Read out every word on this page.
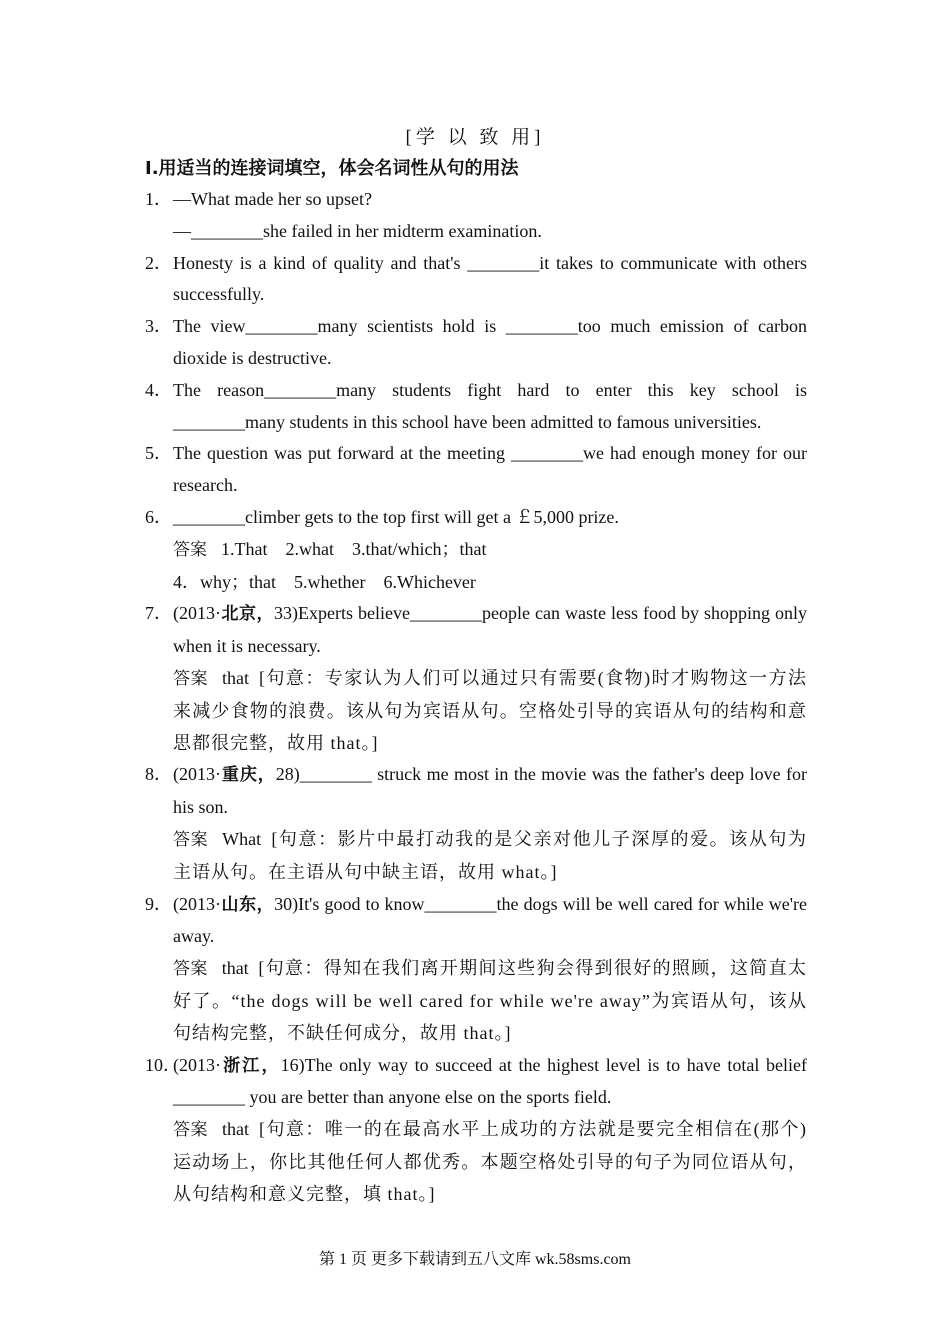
[学 以 致 用]
Ⅰ.用适当的连接词填空，体会名词性从句的用法
1． —What made her so upset?
—________she failed in her midterm examination.
2． Honesty is a kind of quality and that's ________it takes to communicate with others successfully.
3． The view________many scientists hold is ________too much emission of carbon dioxide is destructive.
4． The reason________many students fight hard to enter this key school is ________many students in this school have been admitted to famous universities.
5． The question was put forward at the meeting ________we had enough money for our research.
6． ________climber gets to the top first will get a ￡5,000 prize.
答案 1.That　2.what　3.that/which；that
4．why；that　5.whether　6.Whichever
7． (2013·北京，33)Experts believe________people can waste less food by shopping only when it is necessary.
答案 that [句意：专家认为人们可以通过只有需要(食物)时才购物这一方法来减少食物的浪费。该从句为宾语从句。空格处引导的宾语从句的结构和意思都很完整，故用 that。]
8． (2013·重庆，28)________ struck me most in the movie was the father's deep love for his son.
答案 What [句意：影片中最打动我的是父亲对他儿子深厚的爱。该从句为主语从句。在主语从句中缺主语，故用 what。]
9． (2013·山东，30)It's good to know________the dogs will be well cared for while we're away.
答案 that [句意：得知在我们离开期间这些狗会得到很好的照顾，这简直太好了。“the dogs will be well cared for while we're away”为宾语从句，该从句结构完整，不缺任何成分，故用 that。]
10．
(2013·浙江，16)The only way to succeed at the highest level is to have total belief ________ you are better than anyone else on the sports field.
答案 that [句意：唯一的在最高水平上成功的方法就是要完全相信在(那个)运动场上，你比其他任何人都优秀。本题空格处引导的句子为同位语从句，从句结构和意义完整，填 that。]
第 1 页 更多下载请到五八文库 wk.58sms.com
